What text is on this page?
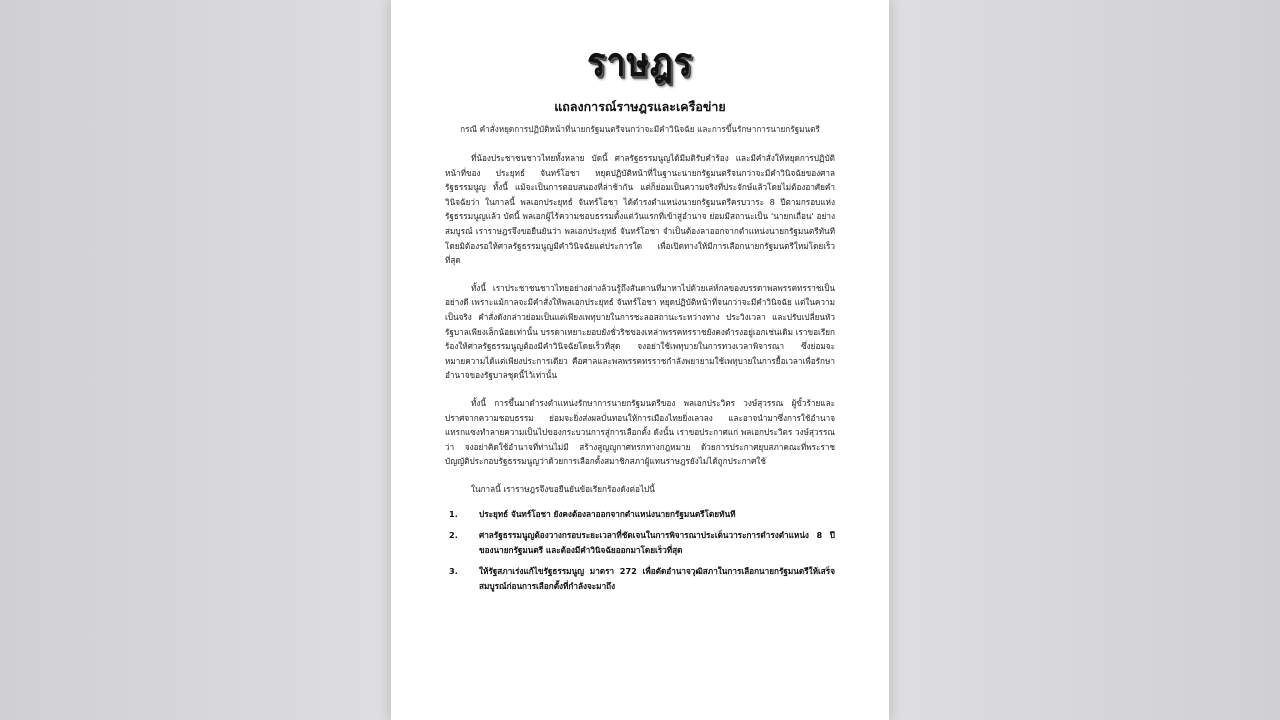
ราษฎร
แถลงการณ์ราษฎรและเครือข่าย
กรณี คำสั่งหยุดการปฏิบัติหน้าที่นายกรัฐมนตรีจนกว่าจะมีคำวินิจฉัย และการขึ้นรักษาการนายกรัฐมนตรี

ที่น้องประชาชนชาวไทยทั้งหลาย บัดนี้ ศาลรัฐธรรมนูญได้มีมติรับคำร้อง และมีคำสั่งให้หยุดการปฏิบัติหน้าที่ของ ประยุทธ์ จันทร์โอชา หยุดปฏิบัติหน้าที่ในฐานะนายกรัฐมนตรีจนกว่าจะมีคำวินิจฉัยของศาลรัฐธรรมนูญ ทั้งนี้ แม้จะเป็นการตอบสนองที่ล่าช้ากัน แต่ก็ย่อมเป็นความจริงที่ประจักษ์แล้วโดยไม่ต้องอาศัยคำวินิจฉัยว่า ในกาลนี้ พลเอกประยุทธ์ จันทร์โอชา ได้ดำรงตำแหน่งนายกรัฐมนตรีครบวาระ 8 ปีตามกรอบแห่งรัฐธรรมนูญแล้ว บัดนี้ พลเอกผู้ไร้ความชอบธรรมตั้งแต่วันแรกที่เข้าสู่อำนาจ ย่อมมีสถานะเป็น 'นายกเถื่อน' อย่างสมบูรณ์ เราราษฎรจึงขอยืนยันว่า พลเอกประยุทธ์ จันทร์โอชา จำเป็นต้องลาออกจากตำแหน่งนายกรัฐมนตรีทันที โดยมิต้องรอให้ศาลรัฐธรรมนูญมีคำวินิจฉัยแต่ประการใด เพื่อเปิดทางให้มีการเลือกนายกรัฐมนตรีใหม่โดยเร็วที่สุด

ทั้งนี้ เราประชาชนชาวไทยอย่างต่างล้วนรู้ถึงสันดานที่มาหาไปด้วยเล่ห์กลของบรรดาพลพรรคทรราชเป็นอย่างดี เพราะแม้กาลจะมีคำสั่งให้พลเอกประยุทธ์ จันทร์โอชา หยุดปฏิบัติหน้าที่จนกว่าจะมีคำวินิจฉัย แต่ในความเป็นจริง คำสั่งดังกล่าวย่อมเป็นแต่เพียงเพทุบายในการชะลอสถานะระหว่างทาง ประวิงเวลา และปรับเปลี่ยนหัวรัฐบาลเพียงเล็กน้อยเท่านั้น บรรดาเหยาะยอบยังชั่วริชของเหล่าพรรคทรราชยังคงดำรงอยู่เอกเช่นเดิม เราขอเรียกร้องให้ศาลรัฐธรรมนูญต้องมีคำวินิจฉัยโดยเร็วที่สุด จงอย่าใช้เพทุบายในการทวงเวลาพิจารณา ซึ่งย่อมจะหมายความได้แต่เพียงประการเดียว คือศาลและพลพรรคทรราชกำลังพยายามใช้เพทุบายในการยื้อเวลาเพื่อรักษาอำนาจของรัฐบาลชุดนี้ไว้เท่านั้น

ทั้งนี้ การขึ้นมาดำรงตำแหน่งรักษาการนายกรัฐมนตรีของ พลเอกประวิตร วงษ์สุวรรณ ผู้ขั้วร้ายและปราศจากความชอบธรรม ย่อมจะยิ่งส่งผลบั่นทอนให้การเมืองไทยยิ่งเลวลง และอาจนำมาซึ่งการใช้อำนาจแทรกแซงทำลายความเป็นไปของกระบวนการสู่การเลือกตั้ง ดังนั้น เราขอประกาศแก่ พลเอกประวิตร วงษ์สุวรรณ ว่า จงอย่าคิดใช้อำนาจที่ท่านไม่มี สร้างสูญญูกาศทรกทางกฎหมาย ด้วยการประกาศยุบสภาคณะที่พระราชบัญญัติประกอบรัฐธรรมนูญว่าด้วยการเลือกตั้งสมาชิกสภาผู้แทนราษฎรยังไม่ได้ถูกประกาศใช้

ในกาลนี้ เราราษฎรจึงขอยืนยันข้อเรียกร้องดังต่อไปนี้

1.	ประยุทธ์ จันทร์โอชา ยังคงต้องลาออกจากตำแหน่งนายกรัฐมนตรีโดยทันที
2.	ศาลรัฐธรรมนูญต้องวางกรอบระยะเวลาที่ชัดเจนในการพิจารณาประเด็นวาระการดำรงตำแหน่ง 8 ปีของนายกรัฐมนตรี และต้องมีคำวินิจฉัยออกมาโดยเร็วที่สุด
3.	ให้รัฐสภาเร่งแก้ไขรัฐธรรมนูญ มาตรา 272 เพื่อตัดอำนาจวุฒิสภาในการเลือกนายกรัฐมนตรีให้เสร็จสมบูรณ์ก่อนการเลือกตั้งที่กำลังจะมาถึง
